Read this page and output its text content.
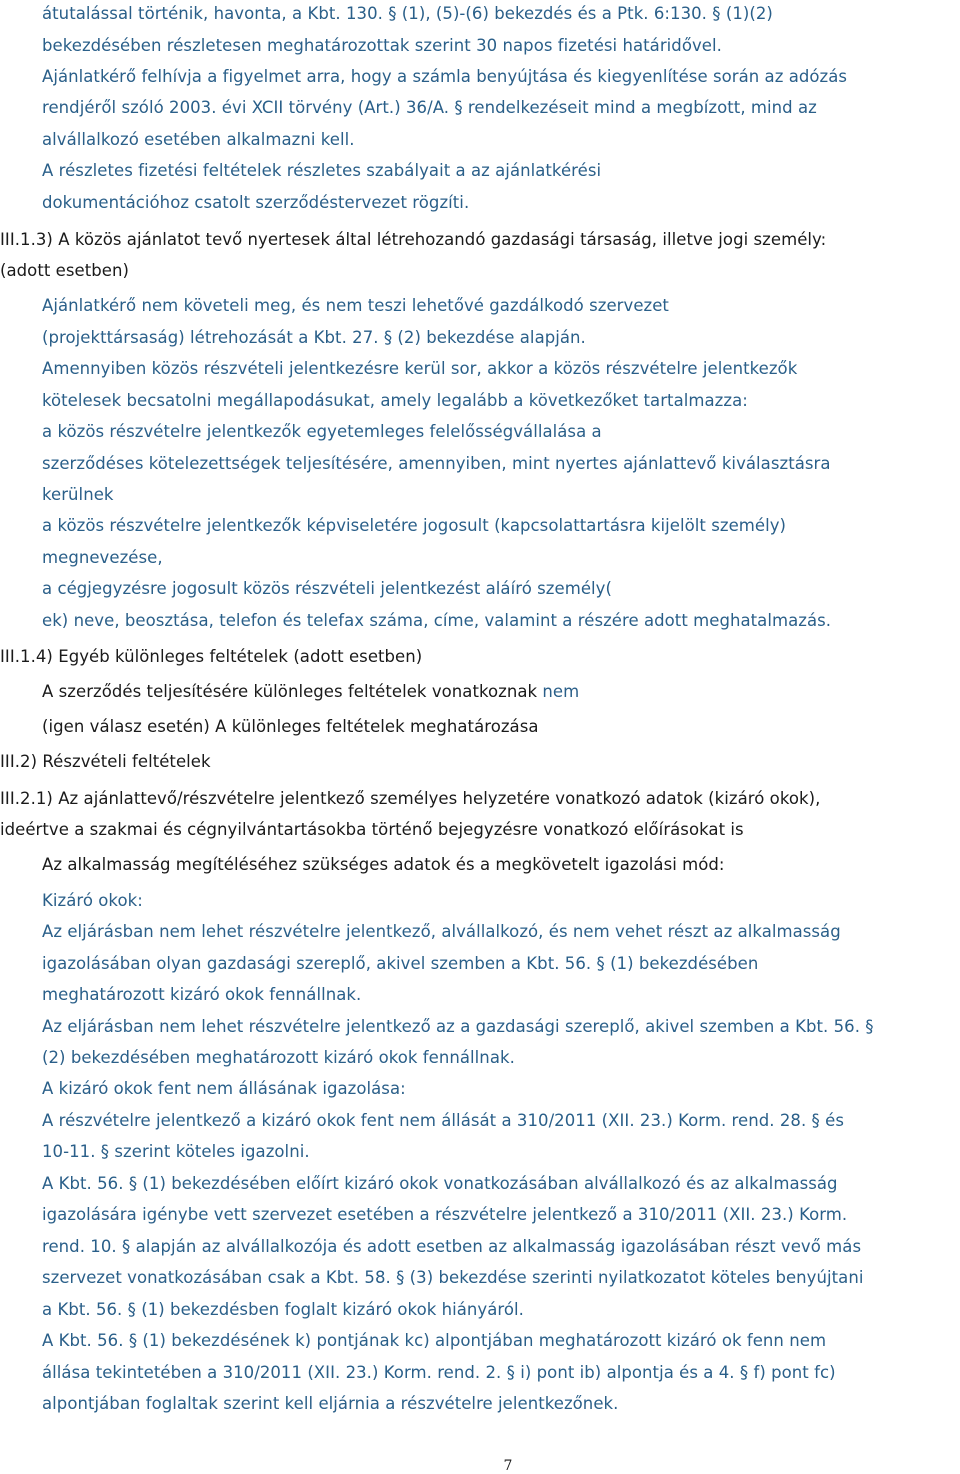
átutalással történik, havonta, a Kbt. 130. § (1), (5)-(6) bekezdés és a Ptk. 6:130. § (1)(2)

bekezdésében részletesen meghatározottak szerint 30 napos fizetési határidővel.

Ajánlatkérő felhívja a figyelmet arra, hogy a számla benyújtása és kiegyenlítése során az adózás

rendjéről szóló 2003. évi XCII törvény (Art.) 36/A. § rendelkezéseit mind a megbízott, mind az

alvállalkozó esetében alkalmazni kell.

A részletes fizetési feltételek részletes szabályait a az ajánlatkérési

dokumentációhoz csatolt szerződéstervezet rögzíti.

III.1.3) A közös ajánlatot tevő nyertesek által létrehozandó gazdasági társaság, illetve jogi személy:

(adott esetben)

Ajánlatkérő nem követeli meg, és nem teszi lehetővé gazdálkodó szervezet

(projekttársaság) létrehozását a Kbt. 27. § (2) bekezdése alapján.

Amennyiben közös részvételi jelentkezésre kerül sor, akkor a közös részvételre jelentkezők

kötelesek becsatolni megállapodásukat, amely legalább a következőket tartalmazza:

a közös részvételre jelentkezők egyetemleges felelősségvállalása a

szerződéses kötelezettségek teljesítésére, amennyiben, mint nyertes ajánlattevő kiválasztásra

kerülnek

a közös részvételre jelentkezők képviseletére jogosult (kapcsolattartásra kijelölt személy)

megnevezése,

a cégjegyzésre jogosult közös részvételi jelentkezést aláíró személy(

ek) neve, beosztása, telefon és telefax száma, címe, valamint a részére adott meghatalmazás.

III.1.4) Egyéb különleges feltételek (adott esetben)

A szerződés teljesítésére különleges feltételek vonatkoznak nem

(igen válasz esetén) A különleges feltételek meghatározása

III.2) Részvételi feltételek

III.2.1) Az ajánlattevő/részvételre jelentkező személyes helyzetére vonatkozó adatok (kizáró okok),

ideértve a szakmai és cégnyilvántartásokba történő bejegyzésre vonatkozó előírásokat is

Az alkalmasság megítéléséhez szükséges adatok és a megkövetelt igazolási mód:

Kizáró okok:

Az eljárásban nem lehet részvételre jelentkező, alvállalkozó, és nem vehet részt az alkalmasság

igazolásában olyan gazdasági szereplő, akivel szemben a Kbt. 56. § (1) bekezdésében

meghatározott kizáró okok fennállnak.

Az eljárásban nem lehet részvételre jelentkező az a gazdasági szereplő, akivel szemben a Kbt. 56. §

(2) bekezdésében meghatározott kizáró okok fennállnak.

A kizáró okok fent nem állásának igazolása:

A részvételre jelentkező a kizáró okok fent nem állását a 310/2011 (XII. 23.) Korm. rend. 28. § és

10-11. § szerint köteles igazolni.

A Kbt. 56. § (1) bekezdésében előírt kizáró okok vonatkozásában alvállalkozó és az alkalmasság

igazolására igénybe vett szervezet esetében a részvételre jelentkező a 310/2011 (XII. 23.) Korm.

rend. 10. § alapján az alvállalkozója és adott esetben az alkalmasság igazolásában részt vevő más

szervezet vonatkozásában csak a Kbt. 58. § (3) bekezdése szerinti nyilatkozatot köteles benyújtani

a Kbt. 56. § (1) bekezdésben foglalt kizáró okok hiányáról.

A Kbt. 56. § (1) bekezdésének k) pontjának kc) alpontjában meghatározott kizáró ok fenn nem

állása tekintetében a 310/2011 (XII. 23.) Korm. rend. 2. § i) pont ib) alpontja és a 4. § f) pont fc)

alpontjában foglaltak szerint kell eljárnia a részvételre jelentkezőnek.

7
